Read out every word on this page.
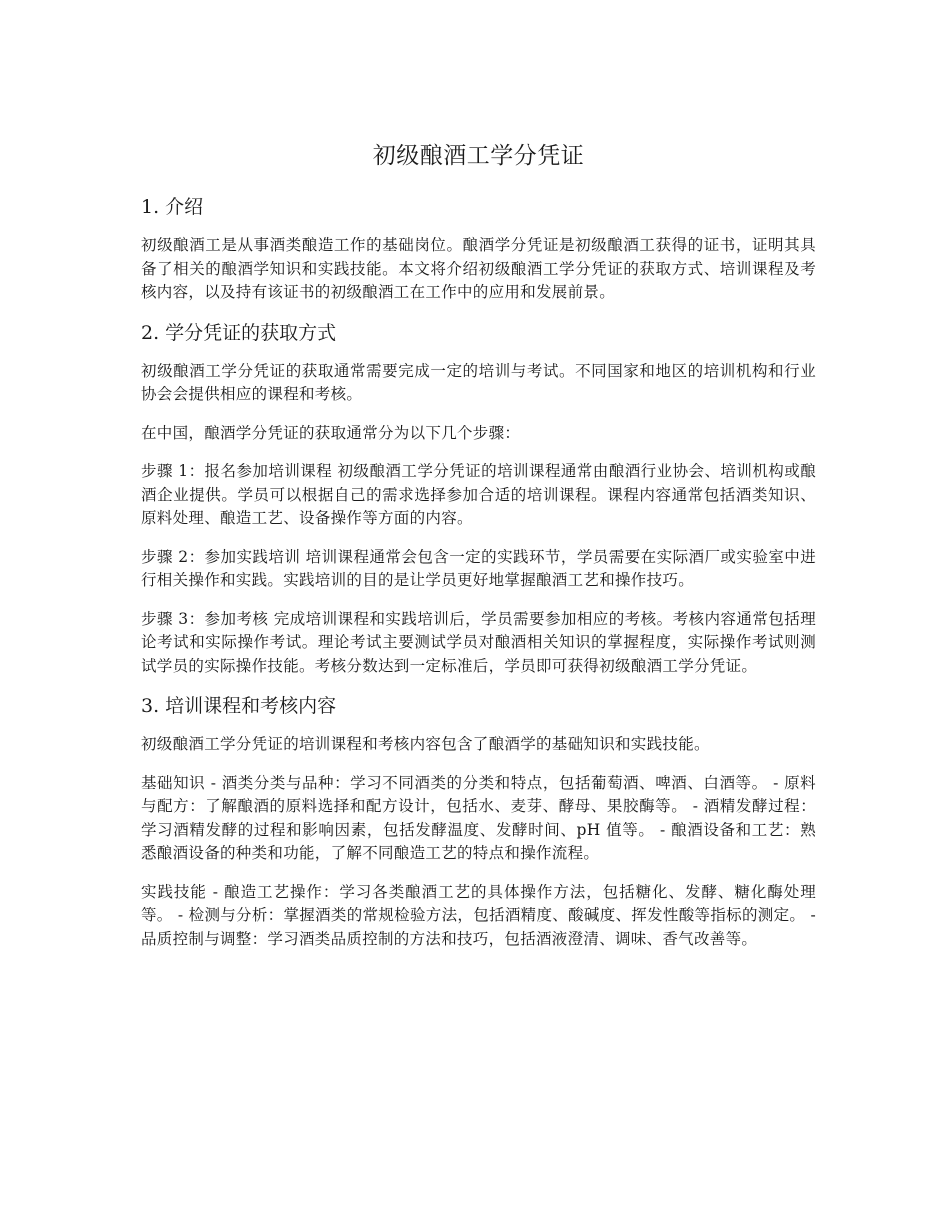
初级酿酒工学分凭证
1. 介绍

初级酿酒工是从事酒类酿造工作的基础岗位。酿酒学分凭证是初级酿酒工获得的证书，证明其具备了相关的酿酒学知识和实践技能。本文将介绍初级酿酒工学分凭证的获取方式、培训课程及考核内容，以及持有该证书的初级酿酒工在工作中的应用和发展前景。

2. 学分凭证的获取方式

初级酿酒工学分凭证的获取通常需要完成一定的培训与考试。不同国家和地区的培训机构和行业协会会提供相应的课程和考核。

在中国，酿酒学分凭证的获取通常分为以下几个步骤：

步骤 1：报名参加培训课程 初级酿酒工学分凭证的培训课程通常由酿酒行业协会、培训机构或酿酒企业提供。学员可以根据自己的需求选择参加合适的培训课程。课程内容通常包括酒类知识、原料处理、酿造工艺、设备操作等方面的内容。

步骤 2：参加实践培训 培训课程通常会包含一定的实践环节，学员需要在实际酒厂或实验室中进行相关操作和实践。实践培训的目的是让学员更好地掌握酿酒工艺和操作技巧。

步骤 3：参加考核 完成培训课程和实践培训后，学员需要参加相应的考核。考核内容通常包括理论考试和实际操作考试。理论考试主要测试学员对酿酒相关知识的掌握程度，实际操作考试则测试学员的实际操作技能。考核分数达到一定标准后，学员即可获得初级酿酒工学分凭证。

3. 培训课程和考核内容

初级酿酒工学分凭证的培训课程和考核内容包含了酿酒学的基础知识和实践技能。

基础知识 - 酒类分类与品种：学习不同酒类的分类和特点，包括葡萄酒、啤酒、白酒等。 - 原料与配方：了解酿酒的原料选择和配方设计，包括水、麦芽、酵母、果胶酶等。 - 酒精发酵过程：学习酒精发酵的过程和影响因素，包括发酵温度、发酵时间、pH 值等。 - 酿酒设备和工艺：熟悉酿酒设备的种类和功能，了解不同酿造工艺的特点和操作流程。

实践技能 - 酿造工艺操作：学习各类酿酒工艺的具体操作方法，包括糖化、发酵、糖化酶处理等。 - 检测与分析：掌握酒类的常规检验方法，包括酒精度、酸碱度、挥发性酸等指标的测定。 - 品质控制与调整：学习酒类品质控制的方法和技巧，包括酒液澄清、调味、香气改善等。
